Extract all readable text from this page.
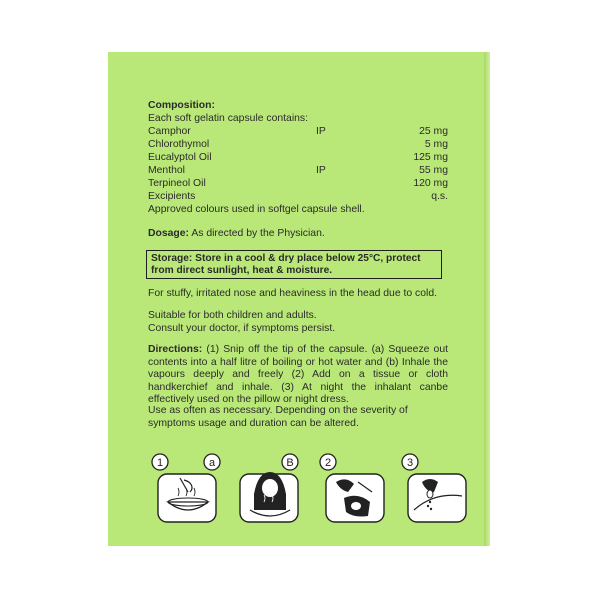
Composition:
Each soft gelatin capsule contains:
Camphor	IP	25 mg
Chlorothymol	5 mg
Eucalyptol Oil	125 mg
Menthol	IP	55 mg
Terpineol Oil	120 mg
Excipients	q.s.
Approved colours used in softgel capsule shell.
Dosage: As directed by the Physician.
For stuffy, irritated nose and heaviness in the head due to cold.
Suitable for both children and adults.
Consult your doctor, if symptoms persist.
Directions: (1) Snip off the tip of the capsule. (a) Squeeze out contents into a half litre of boiling or hot water and (b) Inhale the vapours deeply and freely (2) Add on a tissue or cloth handkerchief and inhale. (3) At night the inhalant canbe effectively used on the pillow or night dress.
Use as often as necessary. Depending on the severity of symptoms usage and duration can be altered.
Storage: Store in a cool & dry place below 25°C, protect from direct sunlight, heat & moisture.
1	a	B	2	3
